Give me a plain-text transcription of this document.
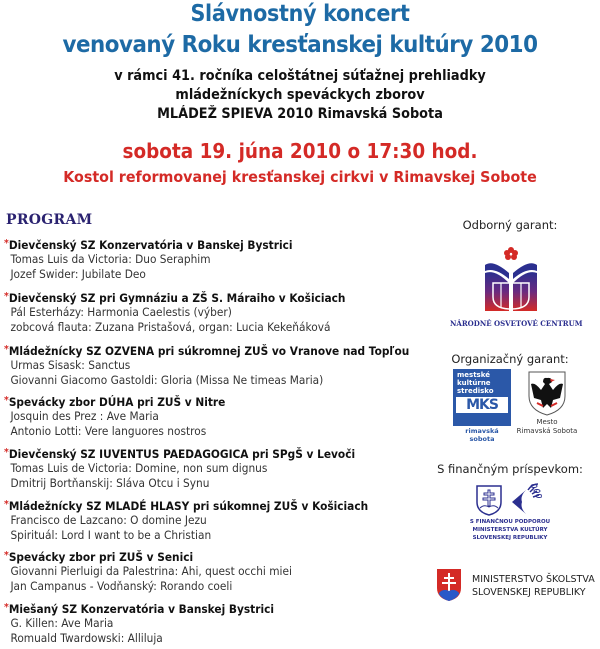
Slávnostný koncert
venovaný Roku kresťanskej kultúry 2010
v rámci 41. ročníka celoštátnej súťažnej prehliadky
mládežníckych speváckych zborov
MLÁDEŽ SPIEVA 2010 Rimavská Sobota
sobota 19. júna 2010 o 17:30 hod.
Kostol reformovanej kresťanskej cirkvi v Rimavskej Sobote
PROGRAM
*Dievčenský SZ Konzervatória v Banskej Bystrici
Tomas Luis da Victoria: Duo Seraphim
Jozef Swider: Jubilate Deo
*Dievčenský SZ pri Gymnáziu a ZŠ S. Máraiho v Košiciach
Pál Esterházy: Harmonia Caelestis (výber)
zobcová flauta: Zuzana Pristašová, organ: Lucia Kekeňáková
*Mládežnícky SZ OZVENA pri súkromnej ZUŠ vo Vranove nad Topľou
Urmas Sisask: Sanctus
Giovanni Giacomo Gastoldi: Gloria (Missa Ne timeas Maria)
*Spevácky zbor DÚHA pri ZUŠ v Nitre
Josquin des Prez : Ave Maria
Antonio Lotti: Vere languores nostros
*Dievčenský SZ IUVENTUS PAEDAGOGICA pri SPgŠ v Levoči
Tomas Luis de Victoria: Domine, non sum dignus
Dmitrij Bortňanskij: Sláva Otcu i Synu
*Mládežnícky SZ MLADÉ HLASY pri súkomnej ZUŠ v Košiciach
Francisco de Lazcano: O domine Jezu
Spirituál: Lord I want to be a Christian
*Spevácky zbor pri ZUŠ v Senici
Giovanni Pierluigi da Palestrina: Ahi, quest occhi miei
Jan Campanus - Vodňanský: Rorando coeli
*Miešaný SZ Konzervatória v Banskej Bystrici
G. Killen: Ave Maria
Romuald Twardowski: Alliluja
Odborný garant:
NÁRODNÉ OSVETOVÉ CENTRUM
Organizačný garant:
mestské
kultúrne
stredisko
MKS
rimavská sobota
Mesto
Rimavská Sobota
S finančným príspevkom:
S FINANČNOU PODPOROU
MINISTERSTVA KULTÚRY
SLOVENSKEJ REPUBLIKY
MINISTERSTVO ŠKOLSTVA
SLOVENSKEJ REPUBLIKY
